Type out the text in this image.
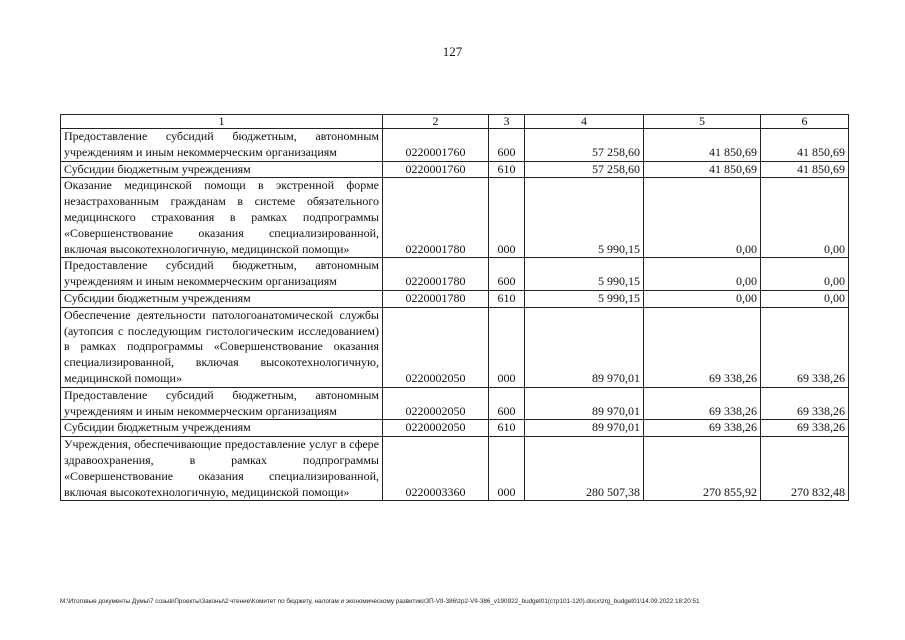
127
1	2	3	4	5	6
Предоставление субсидий бюджетным, автономным учреждениям и иным некоммерческим организациям	0220001760	600	57 258,60	41 850,69	41 850,69
Субсидии бюджетным учреждениям	0220001760	610	57 258,60	41 850,69	41 850,69
Оказание медицинской помощи в экстренной форме незастрахованным гражданам в системе обязательного медицинского страхования в рамках подпрограммы «Совершенствование оказания специализированной, включая высокотехнологичную, медицинской помощи»	0220001780	000	5 990,15	0,00	0,00
Предоставление субсидий бюджетным, автономным учреждениям и иным некоммерческим организациям	0220001780	600	5 990,15	0,00	0,00
Субсидии бюджетным учреждениям	0220001780	610	5 990,15	0,00	0,00
Обеспечение деятельности патологоанатомической службы (аутопсия с последующим гистологическим исследованием) в рамках подпрограммы «Совершенствование оказания специализированной, включая высокотехнологичную, медицинской помощи»	0220002050	000	89 970,01	69 338,26	69 338,26
Предоставление субсидий бюджетным, автономным учреждениям и иным некоммерческим организациям	0220002050	600	89 970,01	69 338,26	69 338,26
Субсидии бюджетным учреждениям	0220002050	610	89 970,01	69 338,26	69 338,26
Учреждения, обеспечивающие предоставление услуг в сфере здравоохранения, в рамках подпрограммы «Совершенствование оказания специализированной, включая высокотехнологичную, медицинской помощи»	0220003360	000	280 507,38	270 855,92	270 832,48
M:\Итоговые документы Думы\7 созыв\Проекты\Законы\2 чтение\Комитет по бюджету, налогам и экономическому развитию\ЗП-VII-386\zp2-VII-386_v190922_budget01(стр101-120).docx\zrg_budget01\14.09.2022 18:20:51
